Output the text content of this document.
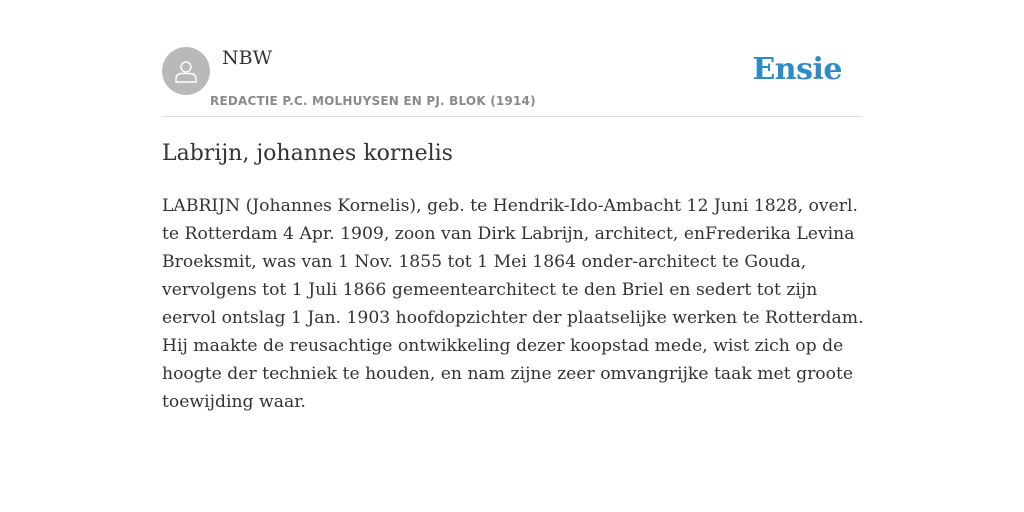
NBW
REDACTIE P.C. MOLHUYSEN EN PJ. BLOK (1914)
Ensie
Labrijn, johannes kornelis

LABRIJN (Johannes Kornelis), geb. te Hendrik-Ido-Ambacht 12 Juni 1828, overl. te Rotterdam 4 Apr. 1909, zoon van Dirk Labrijn, architect, enFrederika Levina Broeksmit, was van 1 Nov. 1855 tot 1 Mei 1864 onder-architect te Gouda, vervolgens tot 1 Juli 1866 gemeentearchitect te den Briel en sedert tot zijn eervol ontslag 1 Jan. 1903 hoofdopzichter der plaatselijke werken te Rotterdam. Hij maakte de reusachtige ontwikkeling dezer koopstad mede, wist zich op de hoogte der techniek te houden, en nam zijne zeer omvangrijke taak met groote toewijding waar.
